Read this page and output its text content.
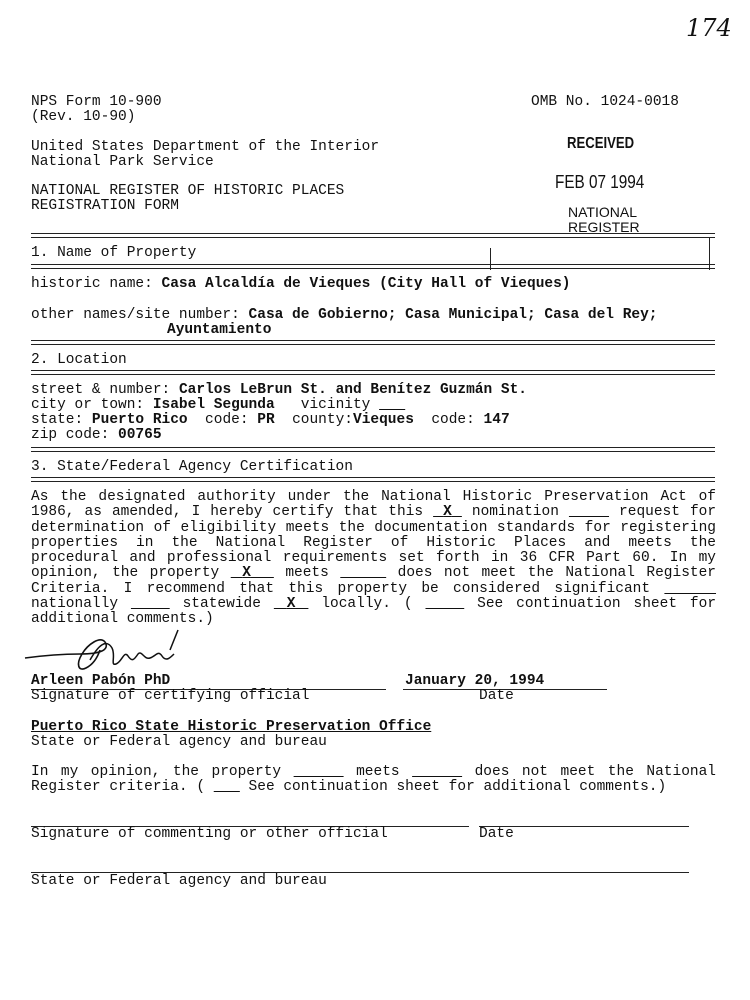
174
NPS Form 10-900
(Rev. 10-90)
OMB No. 1024-0018
United States Department of the Interior
National Park Service
NATIONAL REGISTER OF HISTORIC PLACES
REGISTRATION FORM
RECEIVED
FEB 07 1994
NATIONAL
REGISTER
1. Name of Property
historic name: Casa Alcaldía de Vieques (City Hall of Vieques)
other names/site number: Casa de Gobierno; Casa Municipal; Casa del Rey;
Ayuntamiento
2. Location
street & number: Carlos LeBrun St. and Benítez Guzmán St.
city or town: Isabel Segunda vicinity
state: Puerto Rico code: PR county:Vieques code: 147
zip code: 00765
3. State/Federal Agency Certification
As the designated authority under the National Historic Preservation Act of 1986, as amended, I hereby certify that this X nomination	request for determination of eligibility meets the documentation standards for registering properties in the National Register of Historic Places and meets the procedural and professional requirements set forth in 36 CFR Part 60. In my opinion, the property X meets	does not meet the National Register Criteria. I recommend that this property be considered significant      nationally	statewide X locally. (	See continuation sheet for additional comments.)
Arleen Pabón PhD	January 20, 1994
Signature of certifying official	Date
Puerto Rico State Historic Preservation Office
State or Federal agency and bureau
In my opinion, the property	meets	does not meet the National Register criteria. (	See continuation sheet for additional comments.)
Signature of commenting or other official	Date
State or Federal agency and bureau
